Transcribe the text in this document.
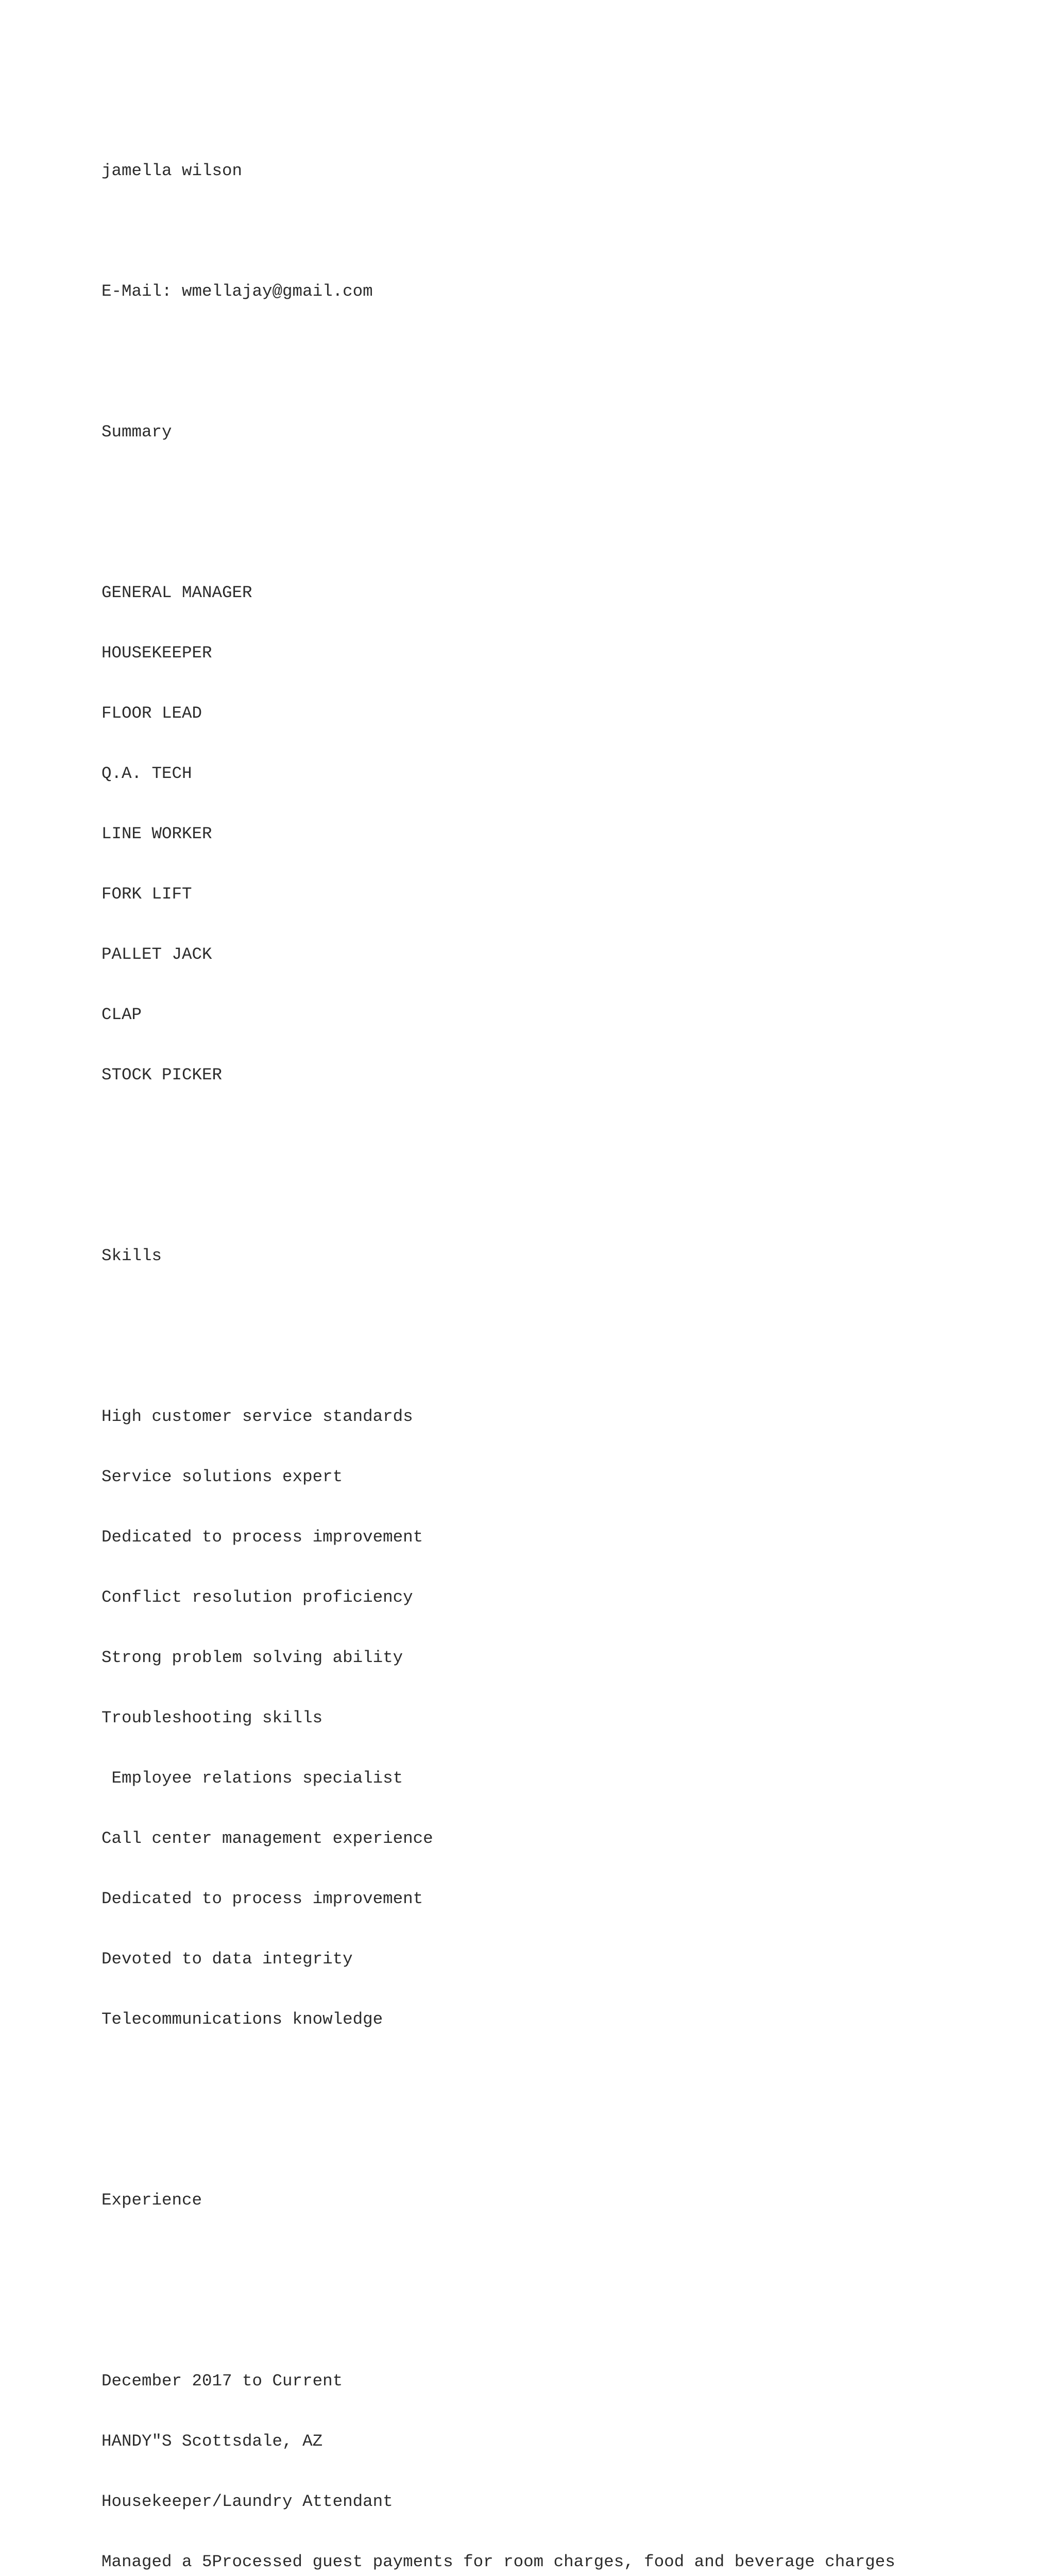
jamella wilson

E-Mail: wmellajay@gmail.com

Summary

GENERAL MANAGER

HOUSEKEEPER

FLOOR LEAD

Q.A. TECH

LINE WORKER

FORK LIFT

PALLET JACK

CLAP

STOCK PICKER

Skills

High customer service standards

Service solutions expert

Dedicated to process improvement

Conflict resolution proficiency

Strong problem solving ability

Troubleshooting skills

Employee relations specialist

Call center management experience

Dedicated to process improvement

Devoted to data integrity

Telecommunications knowledge

Experience

December 2017 to Current

HANDY"S Scottsdale, AZ

Housekeeper/Laundry Attendant

Managed a 5Processed guest payments for room charges, food and beverage charges
